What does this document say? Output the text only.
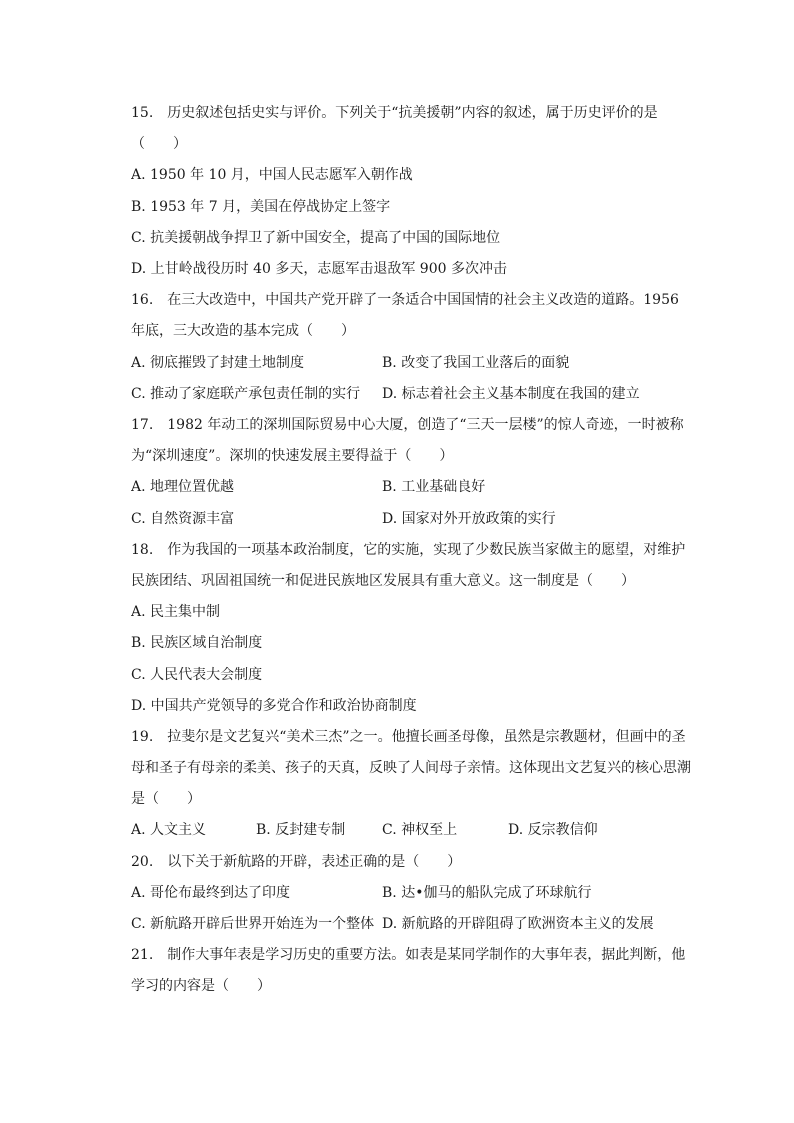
15.　历史叙述包括史实与评价。下列关于“抗美援朝”内容的叙述，属于历史评价的是（　　）
A. 1950 年 10 月，中国人民志愿军入朝作战
B. 1953 年 7 月，美国在停战协定上签字
C. 抗美援朝战争捍卫了新中国安全，提高了中国的国际地位
D. 上甘岭战役历时 40 多天，志愿军击退敌军 900 多次冲击
16.　在三大改造中，中国共产党开辟了一条适合中国国情的社会主义改造的道路。1956 年底，三大改造的基本完成（　　）
A. 彻底摧毁了封建土地制度	B. 改变了我国工业落后的面貌
C. 推动了家庭联产承包责任制的实行	D. 标志着社会主义基本制度在我国的建立
17.　1982 年动工的深圳国际贸易中心大厦，创造了“三天一层楼”的惊人奇迹，一时被称为“深圳速度”。深圳的快速发展主要得益于（　　）
A. 地理位置优越	B. 工业基础良好
C. 自然资源丰富	D. 国家对外开放政策的实行
18.　作为我国的一项基本政治制度，它的实施，实现了少数民族当家做主的愿望，对维护民族团结、巩固祖国统一和促进民族地区发展具有重大意义。这一制度是（　　）
A. 民主集中制
B. 民族区域自治制度
C. 人民代表大会制度
D. 中国共产党领导的多党合作和政治协商制度
19.　拉斐尔是文艺复兴“美术三杰”之一。他擅长画圣母像，虽然是宗教题材，但画中的圣母和圣子有母亲的柔美、孩子的天真，反映了人间母子亲情。这体现出文艺复兴的核心思潮是（　　）
A. 人文主义	B. 反封建专制	C. 神权至上	D. 反宗教信仰
20.　以下关于新航路的开辟，表述正确的是（　　）
A. 哥伦布最终到达了印度	B. 达•伽马的船队完成了环球航行
C. 新航路开辟后世界开始连为一个整体 D. 新航路的开辟阻碍了欧洲资本主义的发展
21.　制作大事年表是学习历史的重要方法。如表是某同学制作的大事年表，据此判断，他学习的内容是（　　）
